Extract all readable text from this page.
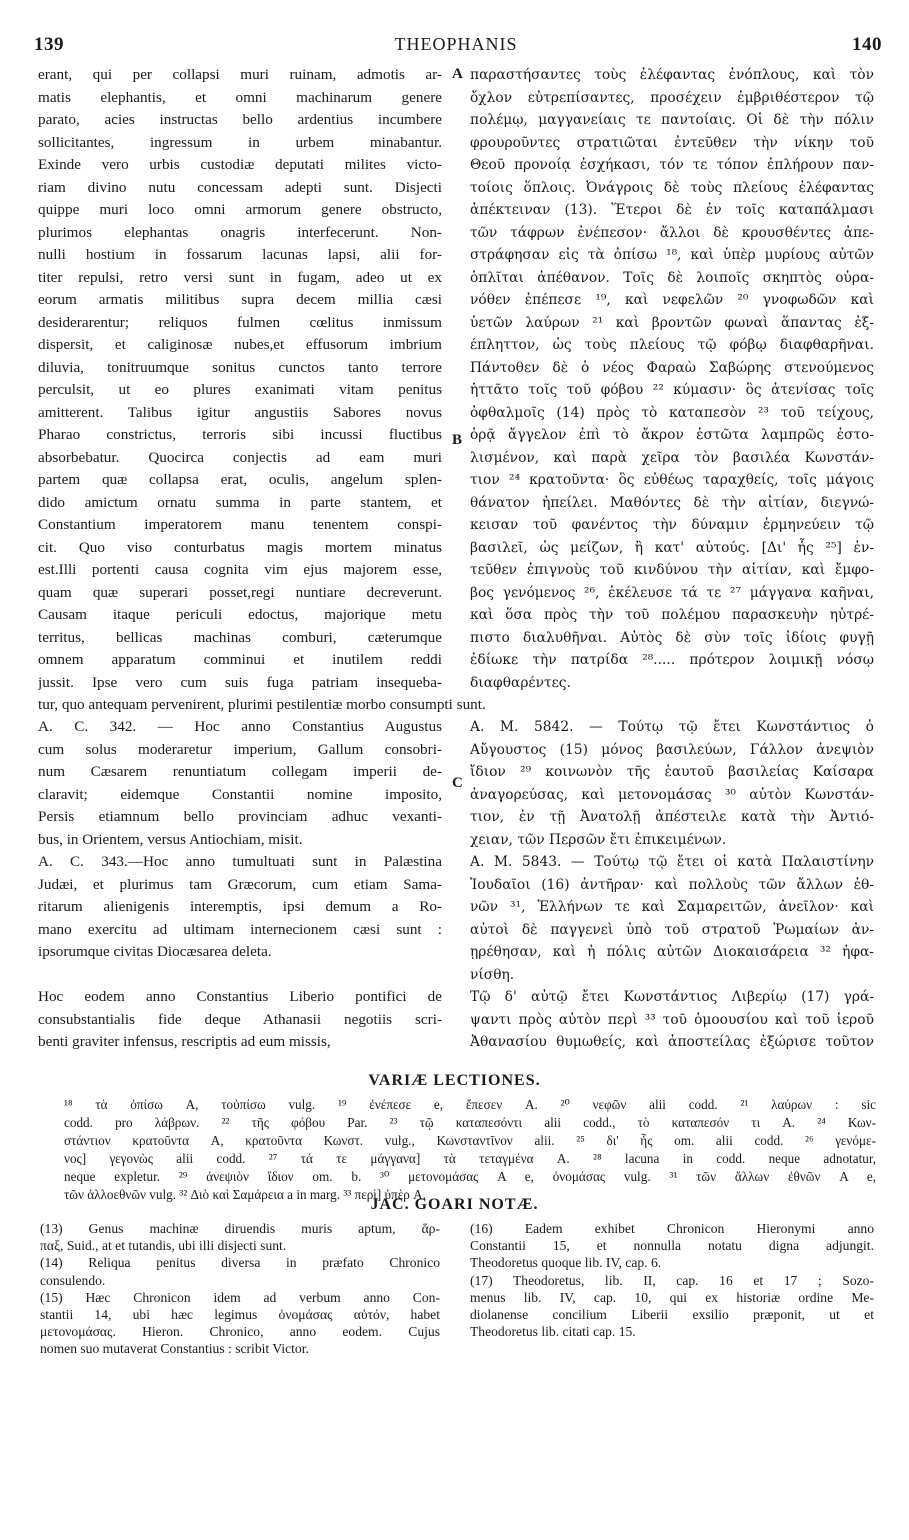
139	THEOPHANIS	140
A
B
C
erant, qui per collapsi muri ruinam, admotis ar-
matis elephantis, et omni machinarum genere
parato, acies instructas bello ardentius incumbere
sollicitantes, ingressum in urbem minabantur.
Exinde vero urbis custodiæ deputati milites victo-
riam divino nutu concessam adepti sunt. Disjecti
quippe muri loco omni armorum genere obstructo,
plurimos elephantas onagris interfecerunt. Non-
nulli hostium in fossarum lacunas lapsi, alii for-
titer repulsi, retro versi sunt in fugam, adeo ut ex
eorum armatis militibus supra decem millia cæsi
desiderarentur; reliquos fulmen cœlitus inmissum
dispersit, et caliginosæ nubes,et effusorum imbrium
diluvia, tonitruumque sonitus cunctos tanto terrore
perculsit, ut eo plures exanimati vitam penitus
amitterent. Talibus igitur angustiis Sabores novus
Pharao constrictus, terroris sibi incussi fluctibus
absorbebatur. Quocirca conjectis ad eam muri
partem quæ collapsa erat, oculis, angelum splen-
dido amictum ornatu summa in parte stantem, et
Constantium imperatorem manu tenentem conspi-
cit. Quo viso conturbatus magis mortem minatus
est.Illi portenti causa cognita vim ejus majorem esse,
quam quæ superari posset,regi nuntiare decreverunt.
Causam itaque periculi edoctus, majorique metu
territus, bellicas machinas comburi, cæterumque
omnem apparatum comminui et inutilem reddi
jussit. Ipse vero cum suis fuga patriam insequeba-
παραστήσαντες τοὺς ἐλέφαντας ἐνόπλους, καὶ τὸν
ὄχλον εὐτρεπίσαντες, προσέχειν ἐμβριθέστερον τῷ
πολέμῳ, μαγγανείαις τε παντοίαις. Οἱ δὲ τὴν πόλιν
φρουροῦντες στρατιῶται ἐντεῦθεν τὴν νίκην τοῦ
Θεοῦ προνοίᾳ ἐσχήκασι, τόν τε τόπον ἐπλήρουν παν-
τοίοις ὅπλοις. Ὀνάγροις δὲ τοὺς πλείους ἐλέφαντας
ἀπέκτειναν (13). Ἕτεροι δὲ ἐν τοῖς καταπάλμασι
τῶν τάφρων ἐνέπεσον· ἄλλοι δὲ κρουσθέντες ἀπε-
στράφησαν εἰς τὰ ὀπίσω ¹⁸, καὶ ὑπὲρ μυρίους αὐτῶν
ὁπλῖται ἀπέθανον. Τοῖς δὲ λοιποῖς σκηπτὸς οὐρα-
νόθεν ἐπέπεσε ¹⁹, καὶ νεφελῶν ²⁰ γνοφωδῶν καὶ
ὑετῶν λαύρων ²¹ καὶ βροντῶν φωναὶ ἅπαντας ἐξ-
έπληττον, ὡς τοὺς πλείους τῷ φόβῳ διαφθαρῆναι.
Πάντοθεν δὲ ὁ νέος Φαραὼ Σαβώρης στενούμενος
ἡττᾶτο τοῖς τοῦ φόβου ²² κύμασιν· ὃς ἀτενίσας τοῖς
ὀφθαλμοῖς (14) πρὸς τὸ καταπεσὸν ²³ τοῦ τείχους,
ὁρᾷ ἄγγελον ἐπὶ τὸ ἄκρον ἑστῶτα λαμπρῶς ἐστο-
λισμένον, καὶ παρὰ χεῖρα τὸν βασιλέα Κωνστάν-
τιον ²⁴ κρατοῦντα· ὃς εὐθέως ταραχθείς, τοῖς μάγοις
θάνατον ἠπείλει. Μαθόντες δὲ τὴν αἰτίαν, διεγνώ-
κεισαν τοῦ φανέντος τὴν δύναμιν ἑρμηνεύειν τῷ
βασιλεῖ, ὡς μείζων, ἢ κατ' αὐτούς. [Δι' ἧς ²⁵] ἐν-
τεῦθεν ἐπιγνοὺς τοῦ κινδύνου τὴν αἰτίαν, καὶ ἔμφο-
βος γενόμενος ²⁶, ἐκέλευσε τά τε ²⁷ μάγγανα καῆναι,
καὶ ὅσα πρὸς τὴν τοῦ πολέμου παρασκευὴν ηὐτρέ-
πιστο διαλυθῆναι. Αὐτὸς δὲ σὺν τοῖς ἰδίοις φυγῇ
ἐδίωκε τὴν πατρίδα ²⁸..... πρότερον λοιμικῇ νόσῳ
διαφθαρέντες.
tur, quo antequam pervenirent, plurimi pestilentiæ morbo consumpti sunt.
A. C. 342. — Hoc anno Constantius Augustus
cum solus moderaretur imperium, Gallum consobri-
num Cæsarem renuntiatum collegam imperii de-
claravit; eidemque Constantii nomine imposito,
Persis etiamnum bello provinciam adhuc vexanti-
bus, in Orientem, versus Antiochiam, misit.
A. C. 343.—Hoc anno tumultuati sunt in Palæstina
Judæi, et plurimus tam Græcorum, cum etiam Sama-
ritarum alienigenis interemptis, ipsi demum a Ro-
mano exercitu ad ultimam internecionem cæsi sunt :
ipsorumque civitas Diocæsarea deleta.

Hoc eodem anno Constantius Liberio pontifici de
consubstantialis fide deque Athanasii negotiis scri-
benti graviter infensus, rescriptis ad eum missis,
A. M. 5842. — Τούτῳ τῷ ἔτει Κωνστάντιος ὁ
Αὔγουστος (15) μόνος βασιλεύων, Γάλλον ἀνεψιὸν
ἴδιον ²⁹ κοινωνὸν τῆς ἑαυτοῦ βασιλείας Καίσαρα
ἀναγορεύσας, καὶ μετονομάσας ³⁰ αὐτὸν Κωνστάν-
τιον, ἐν τῇ Ἀνατολῇ ἀπέστειλε κατὰ τὴν Ἀντιό-
χειαν, τῶν Περσῶν ἔτι ἐπικειμένων.
A. M. 5843. — Τούτῳ τῷ ἔτει οἱ κατὰ Παλαιστίνην
Ἰουδαῖοι (16) ἀντῆραν· καὶ πολλοὺς τῶν ἄλλων ἐθ-
νῶν ³¹, Ἑλλήνων τε καὶ Σαμαρειτῶν, ἀνεῖλον· καὶ
αὐτοὶ δὲ παγγενεὶ ὑπὸ τοῦ στρατοῦ Ῥωμαίων ἀν-
ῃρέθησαν, καὶ ἡ πόλις αὐτῶν Διοκαισάρεια ³² ἠφα-
νίσθη.
Τῷ δ' αὐτῷ ἔτει Κωνστάντιος Λιβερίῳ (17) γρά-
ψαντι πρὸς αὐτὸν περὶ ³³ τοῦ ὁμοουσίου καὶ τοῦ ἱεροῦ
Ἀθανασίου θυμωθείς, καὶ ἀποστείλας ἐξώρισε τοῦτον
VARIÆ LECTIONES.
¹⁸ τὰ ὀπίσω A, τοὐπίσω vulg. ¹⁹ ἐνέπεσε e, ἔπεσεν A. ²⁰ νεφῶν alii codd. ²¹ λαύρων : sic
codd. pro λάβρων. ²² τῆς φόβου Par. ²³ τῷ καταπεσόντι alii codd., τὸ καταπεσόν τι A. ²⁴ Κων-
στάντιον κρατοῦντα A, κρατοῦντα Κωνστ. vulg., Κωνσταντῖνον alii. ²⁵ δι' ἧς om. alii codd. ²⁶ γενόμε-
νος] γεγονὼς alii codd. ²⁷ τά τε μάγγανα] τὰ τεταγμένα A. ²⁸ lacuna in codd. neque adnotatur,
neque expletur. ²⁹ ἀνεψιὸν ἴδιον om. b. ³⁰ μετονομάσας A e, ὀνομάσας vulg. ³¹ τῶν ἄλλων ἐθνῶν A e,
τῶν ἀλλοεθνῶν vulg. ³² Διὸ καὶ Σαμάρεια a in marg. ³³ περὶ] ὑπὲρ A.
JAC. GOARI NOTÆ.
(13) Genus machinæ diruendis muris aptum, ἅρ-
παξ, Suid., at et tutandis, ubi illi disjecti sunt.
(14) Reliqua penitus diversa in præfato Chronico
consulendo.
(15) Hæc Chronicon idem ad verbum anno Con-
stantii 14, ubi hæc legimus ὀνομάσας αὐτόν, habet
μετονομάσας. Hieron. Chronico, anno eodem. Cujus
nomen suo mutaverat Constantius : scribit Victor.
(16) Eadem exhibet Chronicon Hieronymi anno
Constantii 15, et nonnulla notatu digna adjungit.
Theodoretus quoque lib. IV, cap. 6.
(17) Theodoretus, lib. II, cap. 16 et 17 ; Sozo-
menus lib. IV, cap. 10, qui ex historiæ ordine Me-
diolanense concilium Liberii exsilio præponit, ut et
Theodoretus lib. citati cap. 15.
